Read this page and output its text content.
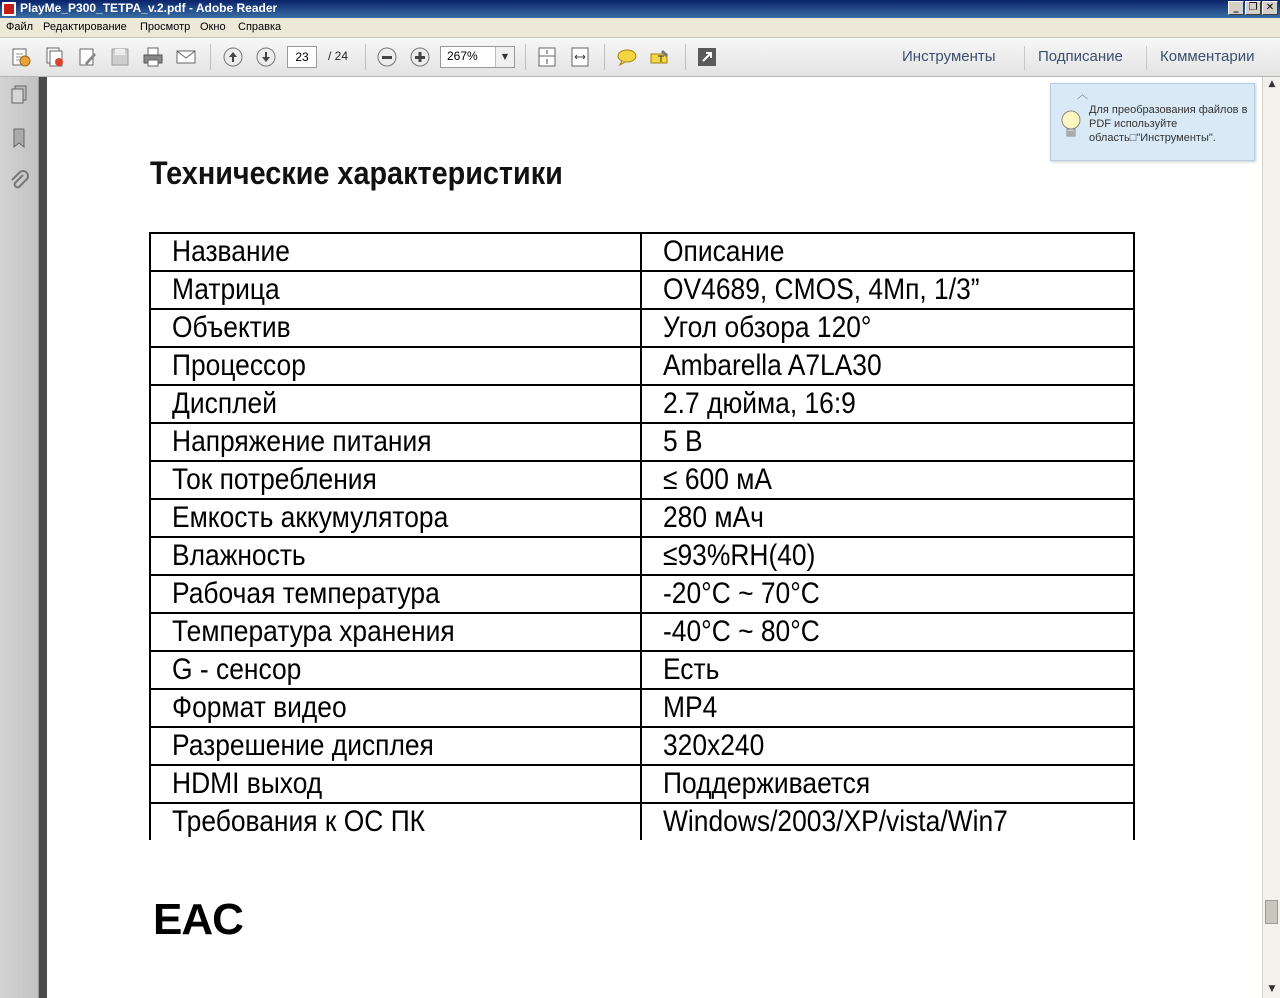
PlayMe_P300_TETPA_v.2.pdf - Adobe Reader	_	❐ ✕
Файл Редактирование Просмотр Окно Справка
23	/ 24	267%	▼	Инструменты	Подписание Комментарии
Технические характеристики
Название	Описание
Матрица	OV4689, CMOS, 4Мп, 1/3”
Объектив	Угол обзора 120°
Процессор	Ambarella A7LA30
Дисплей	2.7 дюйма, 16:9
Напряжение питания	5 В
Ток потребления	≤ 600 мА
Емкость аккумулятора	280 мАч
Влажность	≤93%RH(40)
Рабочая температура	-20°C ~ 70°C
Температура хранения	-40°C ~ 80°C
G - сенсор	Есть
Формат видео	MP4
Разрешение дисплея	320x240
HDMI выход	Поддерживается
Требования к ОС ПК	Windows/2003/XP/vista/Win7
EAC
︿
Для преобразования файлов в PDF используйте область□"Инструменты".
▲
▼
